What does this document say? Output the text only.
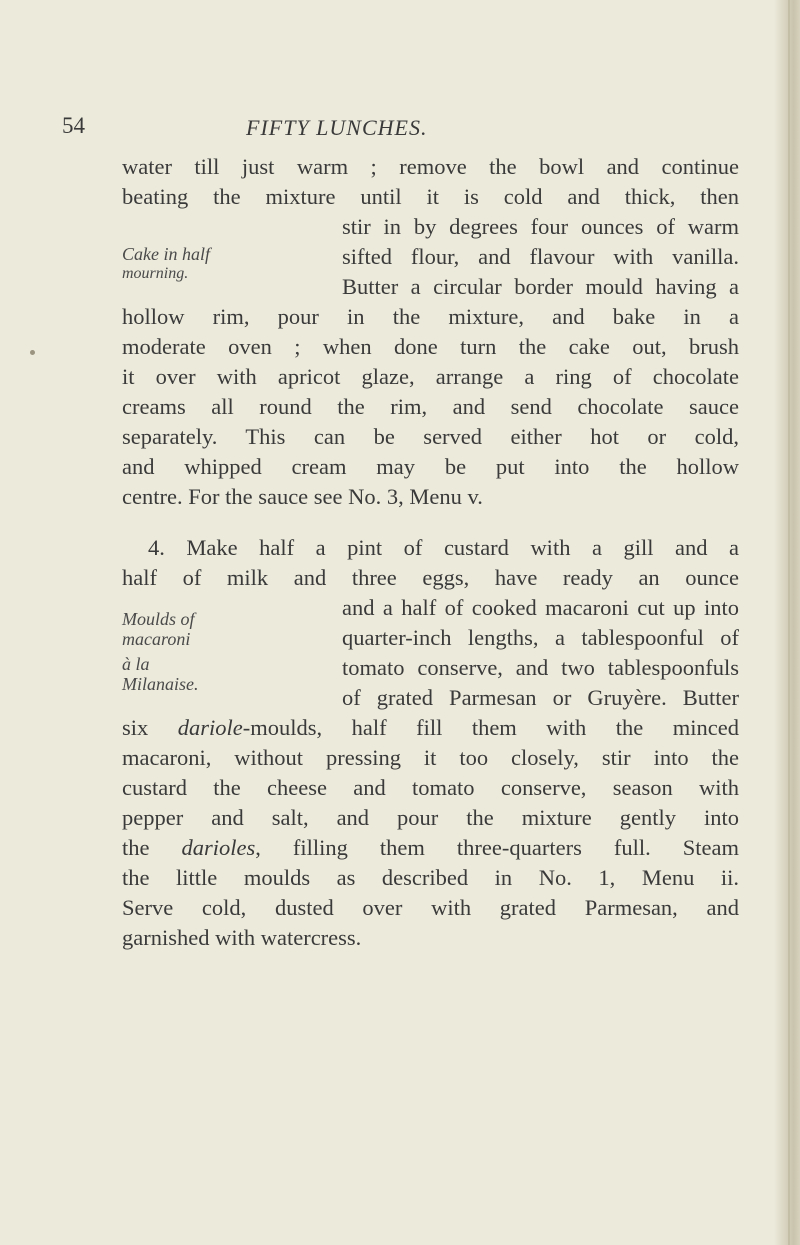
54	FIFTY LUNCHES.
water till just warm ; remove the bowl and continue
beating the mixture until it is cold and thick, then
stir in by degrees four ounces of warm
sifted flour, and flavour with vanilla.
Butter a circular border mould having a
hollow rim, pour in the mixture, and bake in a
moderate oven ; when done turn the cake out, brush
it over with apricot glaze, arrange a ring of chocolate
creams all round the rim, and send chocolate sauce
separately. This can be served either hot or cold,
and whipped cream may be put into the hollow
centre. For the sauce see No. 3, Menu v.
Cake in half
mourning.
4. Make half a pint of custard with a gill and a
half of milk and three eggs, have ready an ounce
and a half of cooked macaroni cut up into
quarter-inch lengths, a tablespoonful of
tomato conserve, and two tablespoonfuls
of grated Parmesan or Gruyère. Butter
six dariole-moulds, half fill them with the minced
macaroni, without pressing it too closely, stir into the
custard the cheese and tomato conserve, season with
pepper and salt, and pour the mixture gently into
the darioles, filling them three-quarters full. Steam
the little moulds as described in No. 1, Menu ii.
Serve cold, dusted over with grated Parmesan, and
garnished with watercress.
Moulds of
macaroni
à la
Milanaise.
